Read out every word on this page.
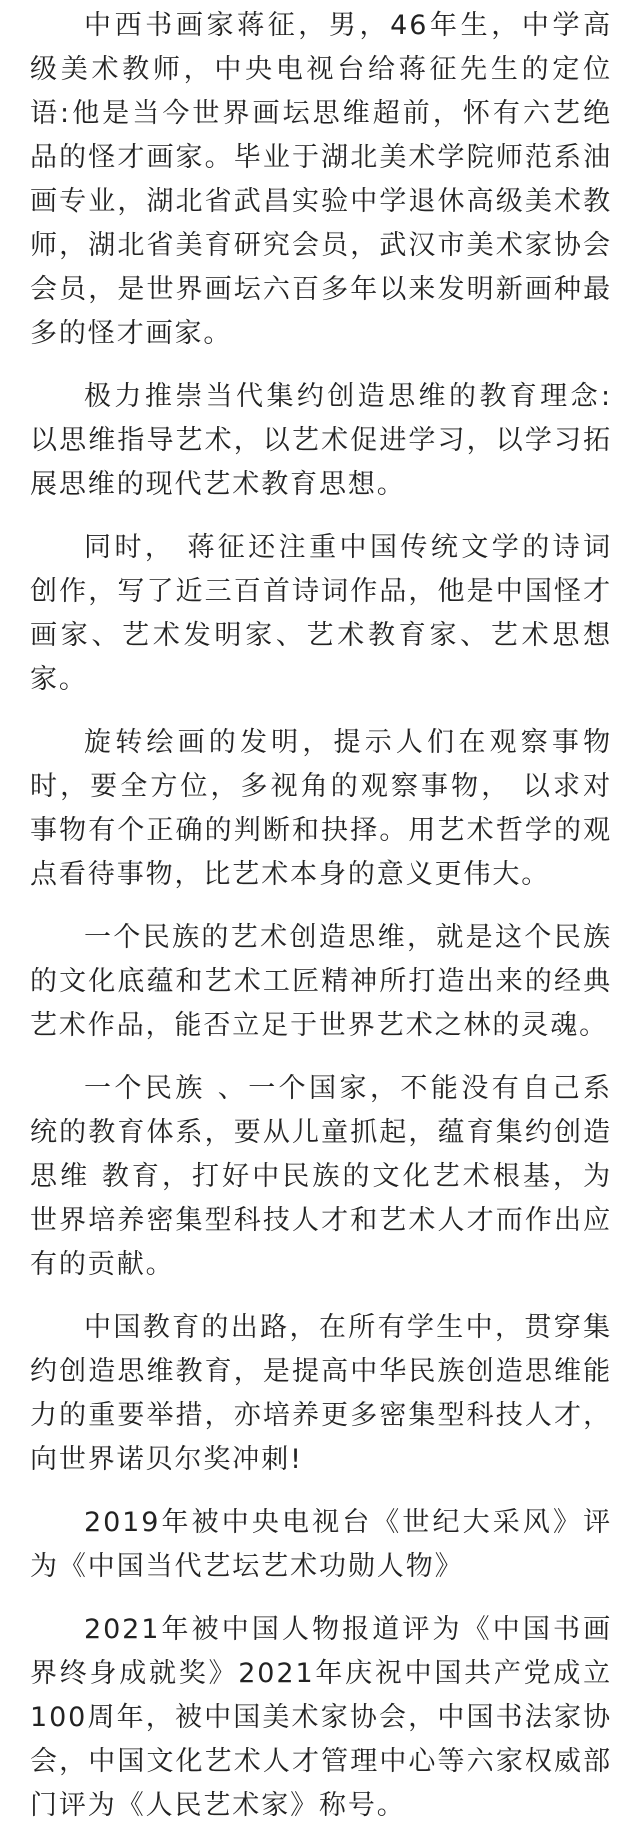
中西书画家蒋征，男，46年生，中学高级美术教师，中央电视台给蒋征先生的定位语:他是当今世界画坛思维超前，怀有六艺绝品的怪才画家。毕业于湖北美术学院师范系油画专业，湖北省武昌实验中学退休高级美术教师，湖北省美育研究会员，武汉市美术家协会会员，是世界画坛六百多年以来发明新画种最多的怪才画家。

极力推崇当代集约创造思维的教育理念:以思维指导艺术，以艺术促进学习，以学习拓展思维的现代艺术教育思想。

同时， 蒋征还注重中国传统文学的诗词创作，写了近三百首诗词作品，他是中国怪才画家、艺术发明家、艺术教育家、艺术思想家。

旋转绘画的发明，提示人们在观察事物时，要全方位，多视角的观察事物， 以求对事物有个正确的判断和抉择。用艺术哲学的观点看待事物，比艺术本身的意义更伟大。

一个民族的艺术创造思维，就是这个民族的文化底蕴和艺术工匠精神所打造出来的经典艺术作品，能否立足于世界艺术之林的灵魂。

一个民族 、一个国家，不能没有自己系统的教育体系，要从儿童抓起，蕴育集约创造思维 教育，打好中民族的文化艺术根基，为世界培养密集型科技人才和艺术人才而作出应有的贡献。

中国教育的出路，在所有学生中，贯穿集约创造思维教育，是提高中华民族创造思维能力的重要举措，亦培养更多密集型科技人才，向世界诺贝尔奖冲刺!

2019年被中央电视台《世纪大采风》评为《中国当代艺坛艺术功勋人物》

2021年被中国人物报道评为《中国书画界终身成就奖》2021年庆祝中国共产党成立100周年，被中国美术家协会，中国书法家协会，中国文化艺术人才管理中心等六家权威部门评为《人民艺术家》称号。
